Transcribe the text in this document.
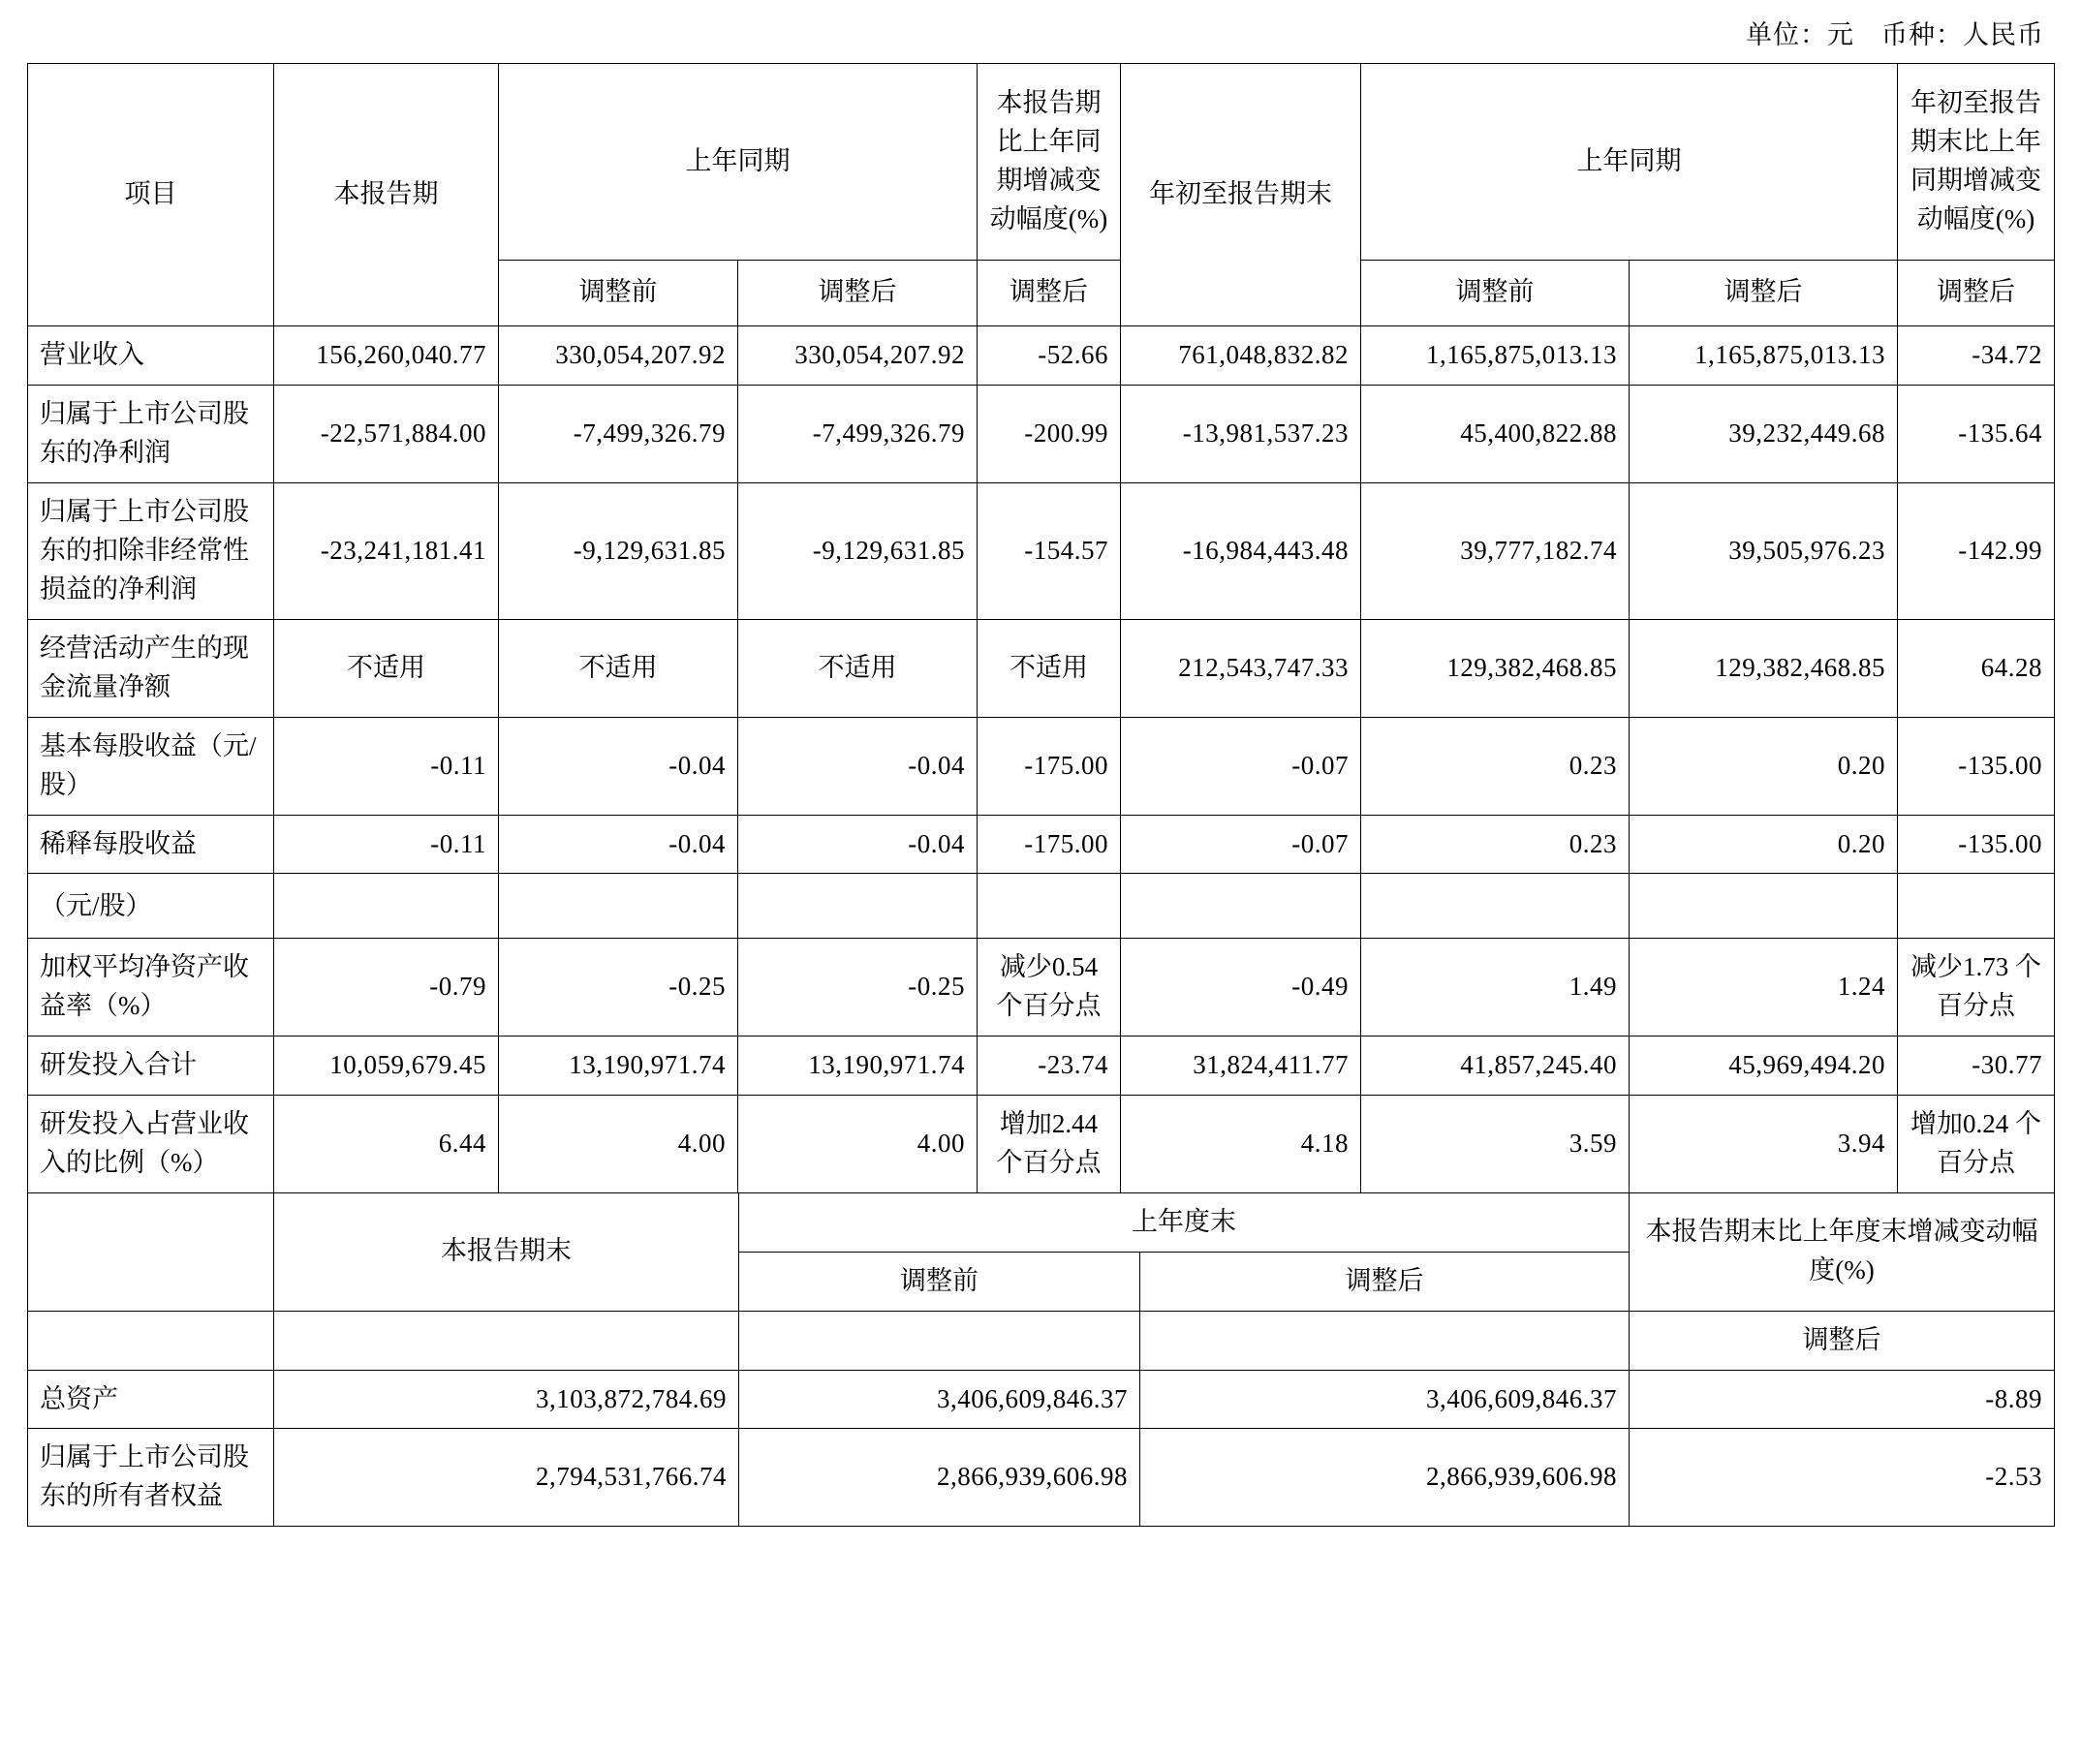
单位：元　币种：人民币
项目	本报告期	上年同期		本报告期比上年同期增减变动幅度(%)	年初至报告期末	上年同期		年初至报告期末比上年同期增减变动幅度(%)
		调整前	调整后	调整后		调整前	调整后	调整后
营业收入	156,260,040.77	330,054,207.92	330,054,207.92	-52.66	761,048,832.82	1,165,875,013.13	1,165,875,013.13	-34.72
归属于上市公司股东的净利润	-22,571,884.00	-7,499,326.79	-7,499,326.79	-200.99	-13,981,537.23	45,400,822.88	39,232,449.68	-135.64
归属于上市公司股东的扣除非经常性损益的净利润	-23,241,181.41	-9,129,631.85	-9,129,631.85	-154.57	-16,984,443.48	39,777,182.74	39,505,976.23	-142.99
经营活动产生的现金流量净额	不适用	不适用	不适用	不适用	212,543,747.33	129,382,468.85	129,382,468.85	64.28
基本每股收益（元/股）	-0.11	-0.04	-0.04	-175.00	-0.07	0.23	0.20	-135.00
稀释每股收益	-0.11	-0.04	-0.04	-175.00	-0.07	0.23	0.20	-135.00
（元/股）								
加权平均净资产收益率（%）	-0.79	-0.25	-0.25	减少0.54 个百分点	-0.49	1.49	1.24	减少1.73 个百分点
研发投入合计	10,059,679.45	13,190,971.74	13,190,971.74	-23.74	31,824,411.77	41,857,245.40	45,969,494.20	-30.77
研发投入占营业收入的比例（%）	6.44	4.00	4.00	增加2.44 个百分点	4.18	3.59	3.94	增加0.24 个百分点
	本报告期末	上年度末		本报告期末比上年度末增减变动幅度(%)
		调整前	调整后	
				调整后
总资产	3,103,872,784.69	3,406,609,846.37	3,406,609,846.37	-8.89
归属于上市公司股东的所有者权益	2,794,531,766.74	2,866,939,606.98	2,866,939,606.98	-2.53
